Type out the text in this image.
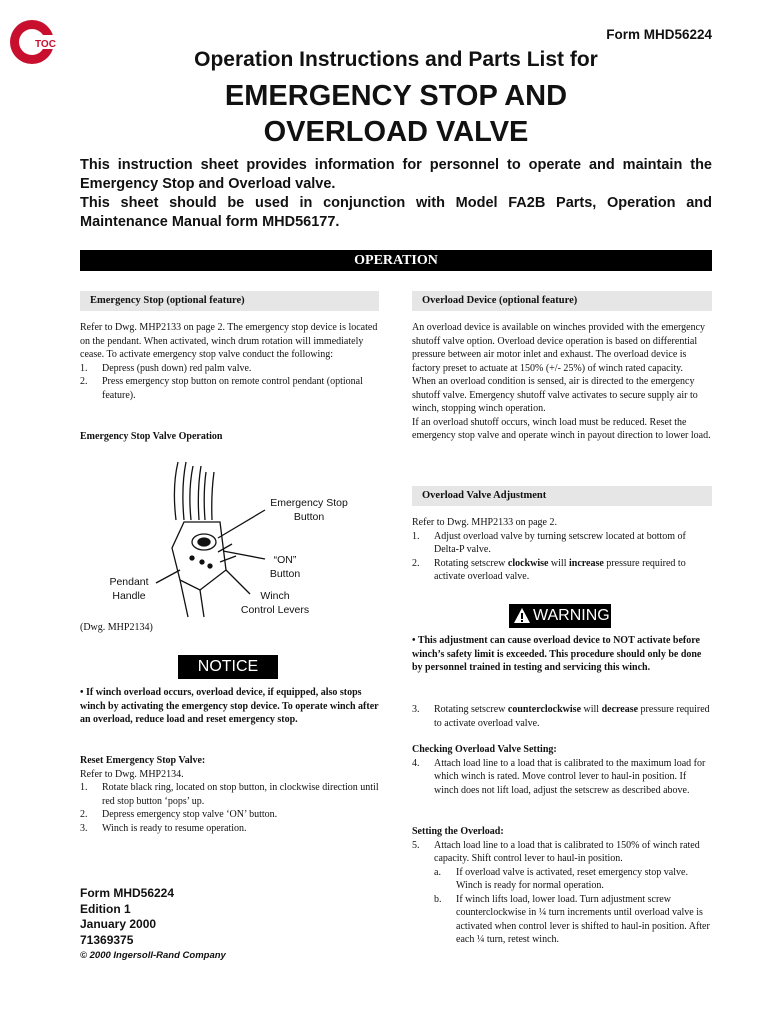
TOC
Form MHD56224
Operation Instructions and Parts List for
EMERGENCY STOP AND
OVERLOAD VALVE

This instruction sheet provides information for personnel to operate and maintain the Emergency Stop and Overload valve.

This sheet should be used in conjunction with Model FA2B Parts, Operation and Maintenance Manual form MHD56177.

OPERATION
Emergency Stop (optional feature)

Refer to Dwg. MHP2133 on page 2. The emergency stop device is located on the pendant. When activated, winch drum rotation will immediately cease. To activate emergency stop valve conduct the following:

1. Depress (push down) red palm valve.
2. Press emergency stop button on remote control pendant (optional feature).
Emergency Stop Valve Operation
Emergency Stop
Button
“ON”
Button
Pendant
Handle	Winch
Control Levers
(Dwg. MHP2134)
NOTICE
• If winch overload occurs, overload device, if equipped, also stops winch by activating the emergency stop device. To operate winch after an overload, reduce load and reset emergency stop.

Reset Emergency Stop Valve:

Refer to Dwg. MHP2134.

1. Rotate black ring, located on stop button, in clockwise direction until red stop button ‘pops’ up.
2. Depress emergency stop valve ‘ON’ button.
3. Winch is ready to resume operation.
Overload Device (optional feature)

An overload device is available on winches provided with the emergency shutoff valve option. Overload device operation is based on differential pressure between air motor inlet and exhaust. The overload device is factory preset to actuate at 150% (+/- 25%) of winch rated capacity.

When an overload condition is sensed, air is directed to the emergency shutoff valve. Emergency shutoff valve activates to secure supply air to winch, stopping winch operation.

If an overload shutoff occurs, winch load must be reduced. Reset the emergency stop valve and operate winch in payout direction to lower load.

Overload Valve Adjustment

Refer to Dwg. MHP2133 on page 2.

1. Adjust overload valve by turning setscrew located at bottom of Delta-P valve.
2. Rotating setscrew clockwise will increase pressure required to activate overload valve.
WARNING
• This adjustment can cause overload device to NOT activate before winch’s safety limit is exceeded. This procedure should only be done by personnel trained in testing and servicing this winch.
3. Rotating setscrew counterclockwise will decrease pressure required to activate overload valve.

Checking Overload Valve Setting:

4. Attach load line to a load that is calibrated to the maximum load for which winch is rated. Move control lever to haul-in position. If winch does not lift load, adjust the setscrew as described above.

Setting the Overload:

5. Attach load line to a load that is calibrated to 150% of winch rated capacity. Shift control lever to haul-in position.
a. If overload valve is activated, reset emergency stop valve. Winch is ready for normal operation.
b. If winch lifts load, lower load. Turn adjustment screw counterclockwise in ¼ turn increments until overload valve is activated when control lever is shifted to haul-in position. After each ¼ turn, retest winch.
Form MHD56224
Edition 1
January 2000
71369375
© 2000 Ingersoll-Rand Company
